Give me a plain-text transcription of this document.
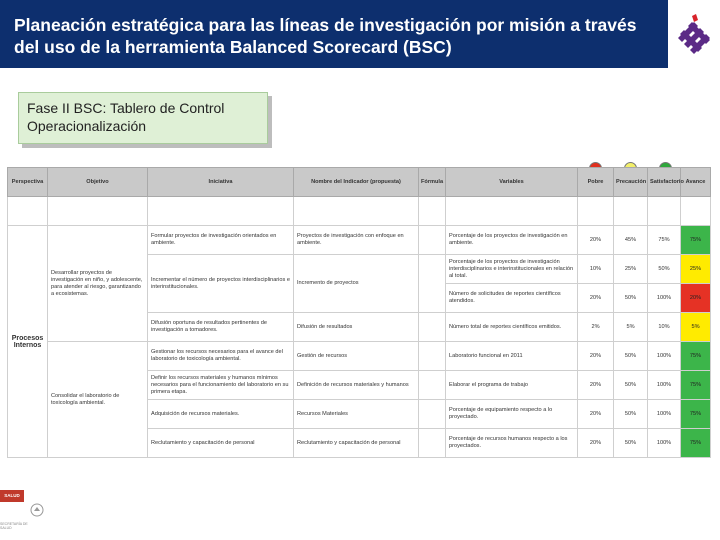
Planeación estratégica para las líneas de investigación por misión a través
del uso de la herramienta Balanced Scorecard (BSC)
Fase II BSC: Tablero de Control
Operacionalización
Perspectiva	Objetivo	Iniciativa	Nombre del Indicador (propuesta)	Fórmula	Variables	Pobre	Precaución	Satisfactorio	Avance

Procesos Internos	Desarrollar proyectos de investigación en niño, y adolescente, para atender al riesgo, garantizando a ecosistemas.	Formular proyectos de investigación orientados en ambiente.	Proyectos de investigación con enfoque en ambiente.		Porcentaje de los proyectos de investigación en ambiente.	20%	45%	75%	75%
		Incrementar el número de proyectos interdisciplinarios e interinstitucionales.	Incremento de proyectos		Porcentaje de los proyectos de investigación interdisciplinarios e interinstitucionales en relación al total.	10%	25%	50%	25%
					Número de solicitudes de reportes científicos atendidos.	20%	50%	100%	20%
		Difusión oportuna de resultados pertinentes de investigación a tomadores.	Difusión de resultados		Número total de reportes científicos emitidos.	2%	5%	10%	5%
	Consolidar el laboratorio de toxicología ambiental.	Gestionar los recursos necesarios para el avance del laboratorio de toxicología ambiental.	Gestión de recursos		Laboratorio funcional en 2011	20%	50%	100%	75%
		Definir los recursos materiales y humanos mínimos necesarios para el funcionamiento del laboratorio en su primera etapa.	Definición de recursos materiales y humanos		Elaborar el programa de trabajo	20%	50%	100%	75%
		Adquisición de recursos materiales.	Recursos Materiales		Porcentaje de equipamiento respecto a lo proyectado.	20%	50%	100%	75%
		Reclutamiento y capacitación de personal	Reclutamiento y capacitación de personal		Porcentaje de recursos humanos respecto a los proyectados.	20%	50%	100%	75%
SALUD
SECRETARÍA DE SALUD
